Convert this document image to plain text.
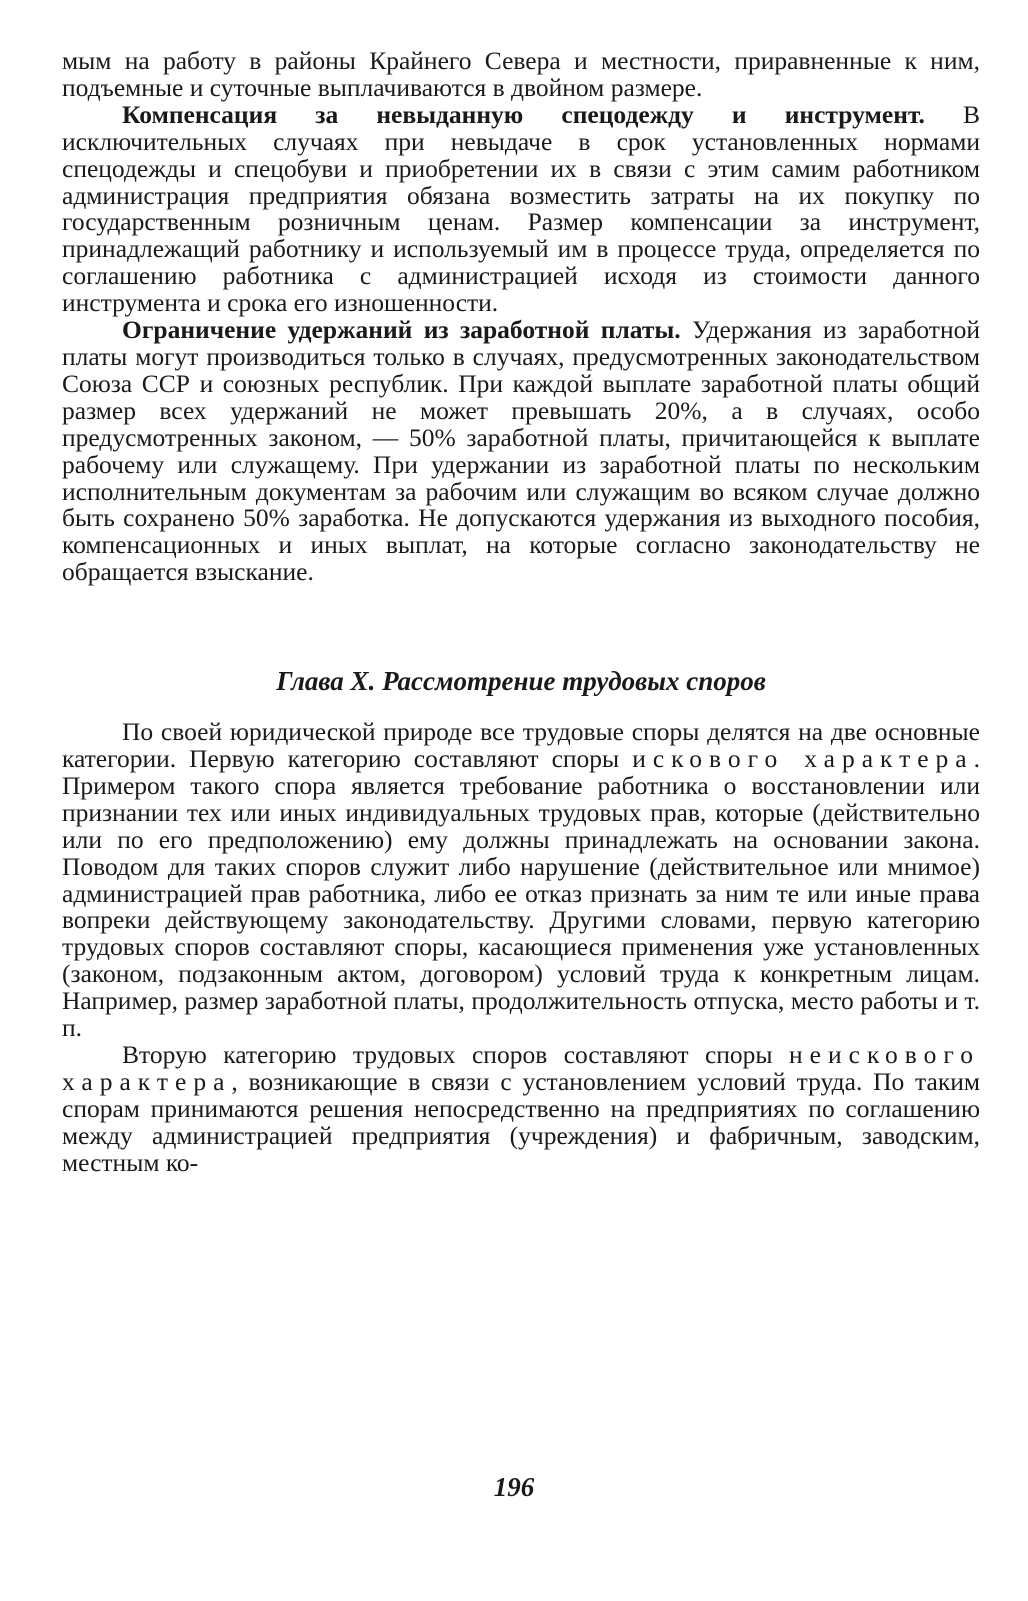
мым на работу в районы Крайнего Севера и местности, приравненные к ним, подъемные и суточные выплачиваются в двойном размере.

Компенсация за невыданную спецодежду и инструмент. В исключительных случаях при невыдаче в срок установленных нормами спецодежды и спецобуви и приобретении их в связи с этим самим работником администрация предприятия обязана возместить затраты на их покупку по государственным розничным ценам. Размер компенсации за инструмент, принадлежащий работнику и используемый им в процессе труда, определяется по соглашению работника с администрацией исходя из стоимости данного инструмента и срока его изношенности.

Ограничение удержаний из заработной платы. Удержания из заработной платы могут производиться только в случаях, предусмотренных законодательством Союза ССР и союзных республик. При каждой выплате заработной платы общий размер всех удержаний не может превышать 20%, а в случаях, особо предусмотренных законом, — 50% заработной платы, причитающейся к выплате рабочему или служащему. При удержании из заработной платы по нескольким исполнительным документам за рабочим или служащим во всяком случае должно быть сохранено 50% заработка. Не допускаются удержания из выходного пособия, компенсационных и иных выплат, на которые согласно законодательству не обращается взыскание.

Глава X. Рассмотрение трудовых споров

По своей юридической природе все трудовые споры делятся на две основные категории. Первую категорию составляют споры искового характера. Примером такого спора является требование работника о восстановлении или признании тех или иных индивидуальных трудовых прав, которые (действительно или по его предположению) ему должны принадлежать на основании закона. Поводом для таких споров служит либо нарушение (действительное или мнимое) администрацией прав работника, либо ее отказ признать за ним те или иные права вопреки действующему законодательству. Другими словами, первую категорию трудовых споров составляют споры, касающиеся применения уже установленных (законом, подзаконным актом, договором) условий труда к конкретным лицам. Например, размер заработной платы, продолжительность отпуска, место работы и т. п.

Вторую категорию трудовых споров составляют споры неискового характера, возникающие в связи с установлением условий труда. По таким спорам принимаются решения непосредственно на предприятиях по соглашению между администрацией предприятия (учреждения) и фабричным, заводским, местным ко-

196
